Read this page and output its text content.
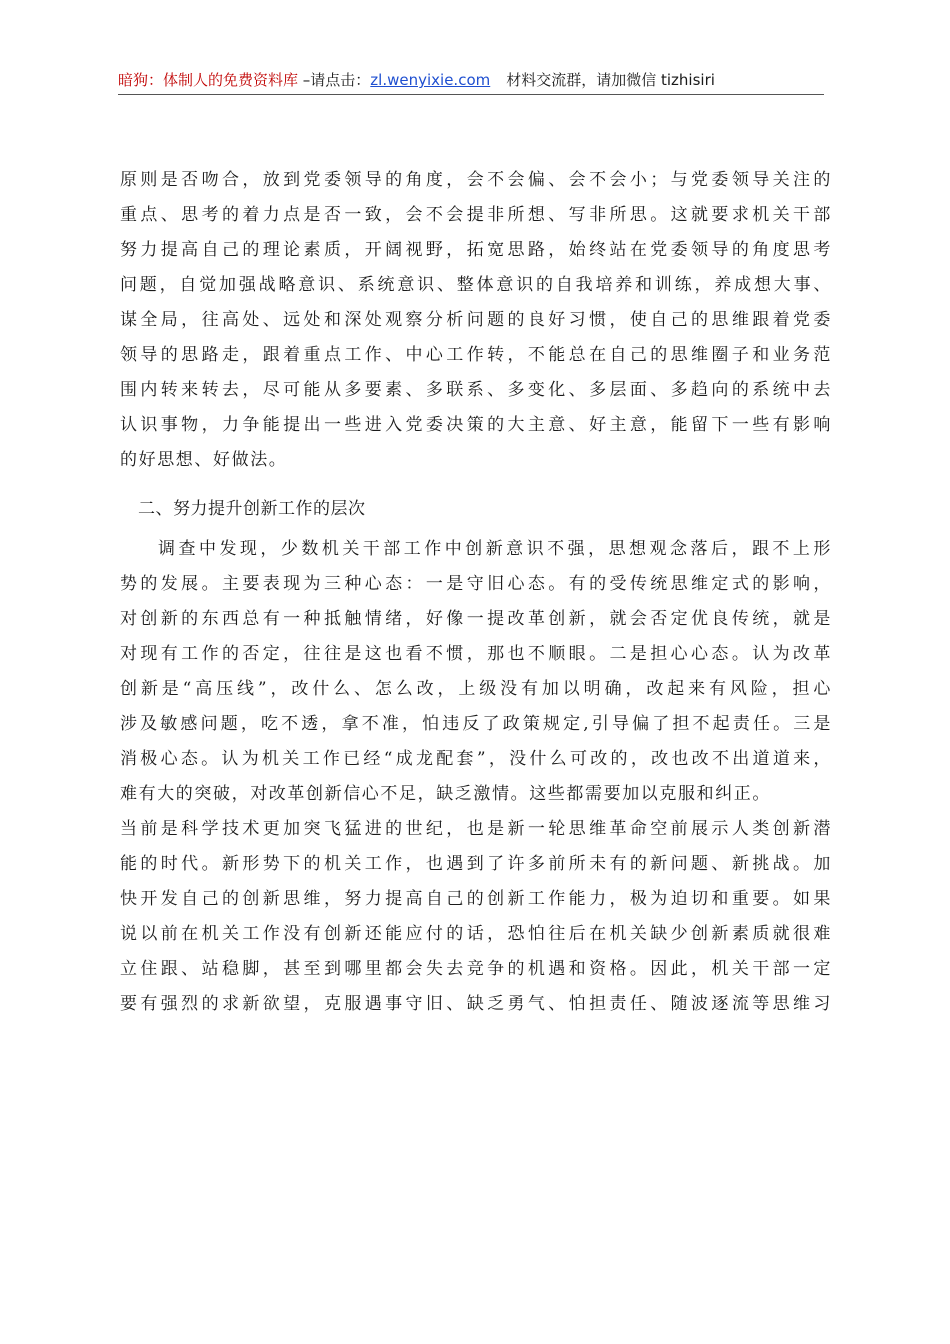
暗狗：体制人的免费资料库 –请点击：zl.wenyixie.com 材料交流群，请加微信 tizhisiri
原则是否吻合，放到党委领导的角度，会不会偏、会不会小；与党委领导关注的
重点、思考的着力点是否一致，会不会提非所想、写非所思。这就要求机关干部
努力提高自己的理论素质，开阔视野，拓宽思路，始终站在党委领导的角度思考
问题，自觉加强战略意识、系统意识、整体意识的自我培养和训练，养成想大事、
谋全局，往高处、远处和深处观察分析问题的良好习惯，使自己的思维跟着党委
领导的思路走，跟着重点工作、中心工作转，不能总在自己的思维圈子和业务范
围内转来转去，尽可能从多要素、多联系、多变化、多层面、多趋向的系统中去
认识事物，力争能提出一些进入党委决策的大主意、好主意，能留下一些有影响
的好思想、好做法。
二、努力提升创新工作的层次
调查中发现，少数机关干部工作中创新意识不强，思想观念落后，跟不上形
势的发展。主要表现为三种心态：一是守旧心态。有的受传统思维定式的影响，
对创新的东西总有一种抵触情绪，好像一提改革创新，就会否定优良传统，就是
对现有工作的否定，往往是这也看不惯，那也不顺眼。二是担心心态。认为改革
创新是“高压线”，改什么、怎么改，上级没有加以明确，改起来有风险，担心
涉及敏感问题，吃不透，拿不准，怕违反了政策规定,引导偏了担不起责任。三是
消极心态。认为机关工作已经“成龙配套”，没什么可改的，改也改不出道道来，
难有大的突破，对改革创新信心不足，缺乏激情。这些都需要加以克服和纠正。
当前是科学技术更加突飞猛进的世纪，也是新一轮思维革命空前展示人类创新潜
能的时代。新形势下的机关工作，也遇到了许多前所未有的新问题、新挑战。加
快开发自己的创新思维，努力提高自己的创新工作能力，极为迫切和重要。如果
说以前在机关工作没有创新还能应付的话，恐怕往后在机关缺少创新素质就很难
立住跟、站稳脚，甚至到哪里都会失去竞争的机遇和资格。因此，机关干部一定
要有强烈的求新欲望，克服遇事守旧、缺乏勇气、怕担责任、随波逐流等思维习
